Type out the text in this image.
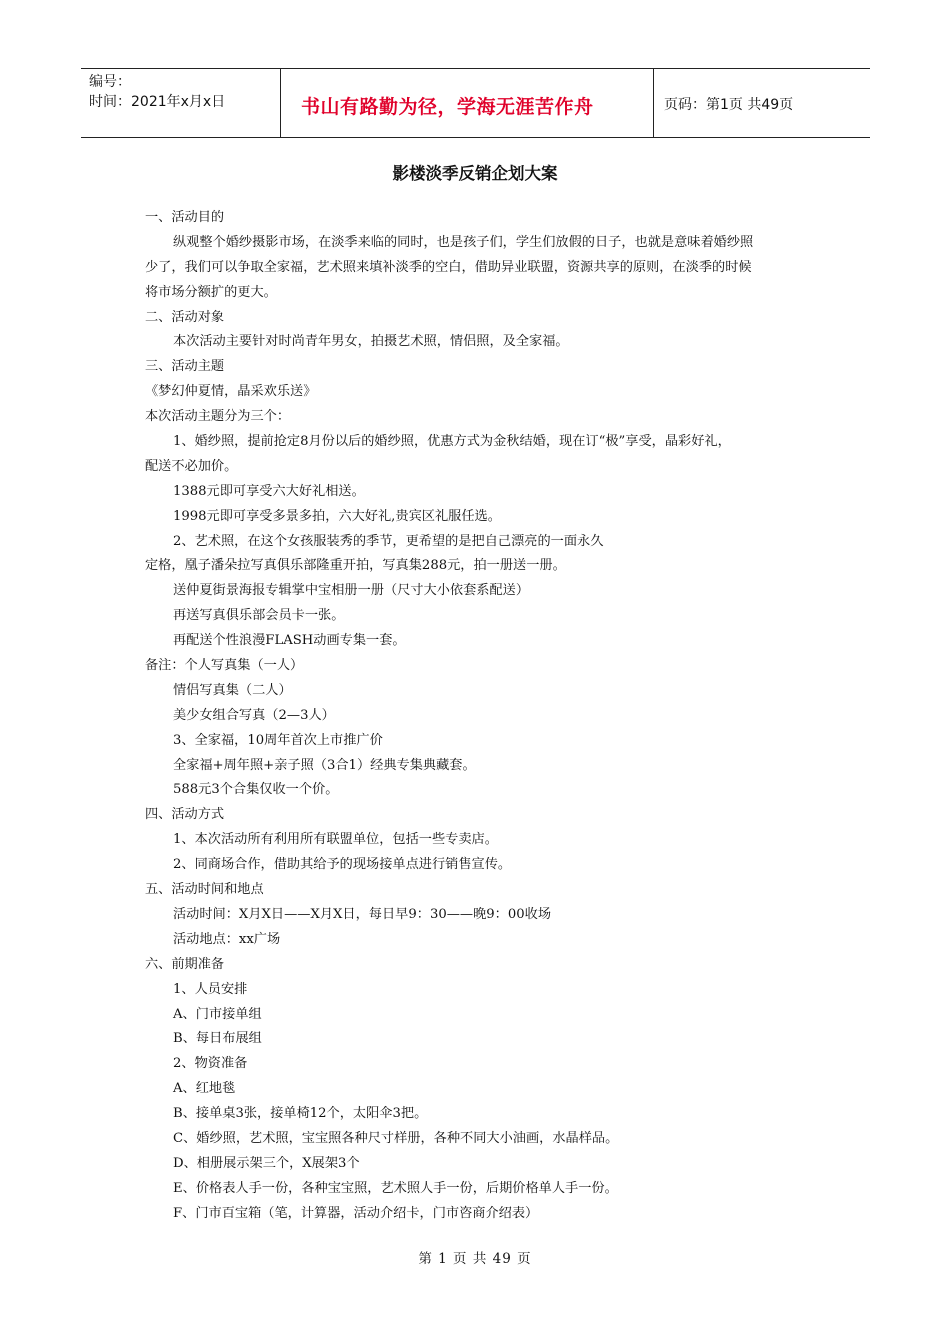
编号：
时间：2021年x月x日	书山有路勤为径，学海无涯苦作舟	页码：第1页 共49页
影楼淡季反销企划大案
一、活动目的
纵观整个婚纱摄影市场，在淡季来临的同时，也是孩子们，学生们放假的日子，也就是意味着婚纱照
少了，我们可以争取全家福，艺术照来填补淡季的空白，借助异业联盟，资源共享的原则，在淡季的时候
将市场分额扩的更大。
二、活动对象
本次活动主要针对时尚青年男女，拍摄艺术照，情侣照，及全家福。
三、活动主题
《梦幻仲夏情，晶采欢乐送》
本次活动主题分为三个：
1、婚纱照，提前抢定8月份以后的婚纱照，优惠方式为金秋结婚，现在订“极”享受，晶彩好礼，
配送不必加价。
1388元即可享受六大好礼相送。
1998元即可享受多景多拍，六大好礼,贵宾区礼服任选。
2、艺术照，在这个女孩服装秀的季节，更希望的是把自己漂亮的一面永久
定格，凰子潘朵拉写真俱乐部隆重开拍，写真集288元，拍一册送一册。
送仲夏街景海报专辑掌中宝相册一册（尺寸大小依套系配送）
再送写真俱乐部会员卡一张。
再配送个性浪漫FLASH动画专集一套。
备注：个人写真集（一人）
情侣写真集（二人）
美少女组合写真（2—3人）
3、全家福，10周年首次上市推广价
全家福+周年照+亲子照（3合1）经典专集典藏套。
588元3个合集仅收一个价。
四、活动方式
1、本次活动所有利用所有联盟单位，包括一些专卖店。
2、同商场合作，借助其给予的现场接单点进行销售宣传。
五、活动时间和地点
活动时间：X月X日——X月X日，每日早9：30——晚9：00收场
活动地点：xx广场
六、前期准备
1、人员安排
A、门市接单组
B、每日布展组
2、物资准备
A、红地毯
B、接单桌3张，接单椅12个，太阳伞3把。
C、婚纱照，艺术照，宝宝照各种尺寸样册，各种不同大小油画，水晶样品。
D、相册展示架三个，X展架3个
E、价格表人手一份，各种宝宝照，艺术照人手一份，后期价格单人手一份。
F、门市百宝箱（笔，计算器，活动介绍卡，门市咨商介绍表）
第 1 页 共 49 页
